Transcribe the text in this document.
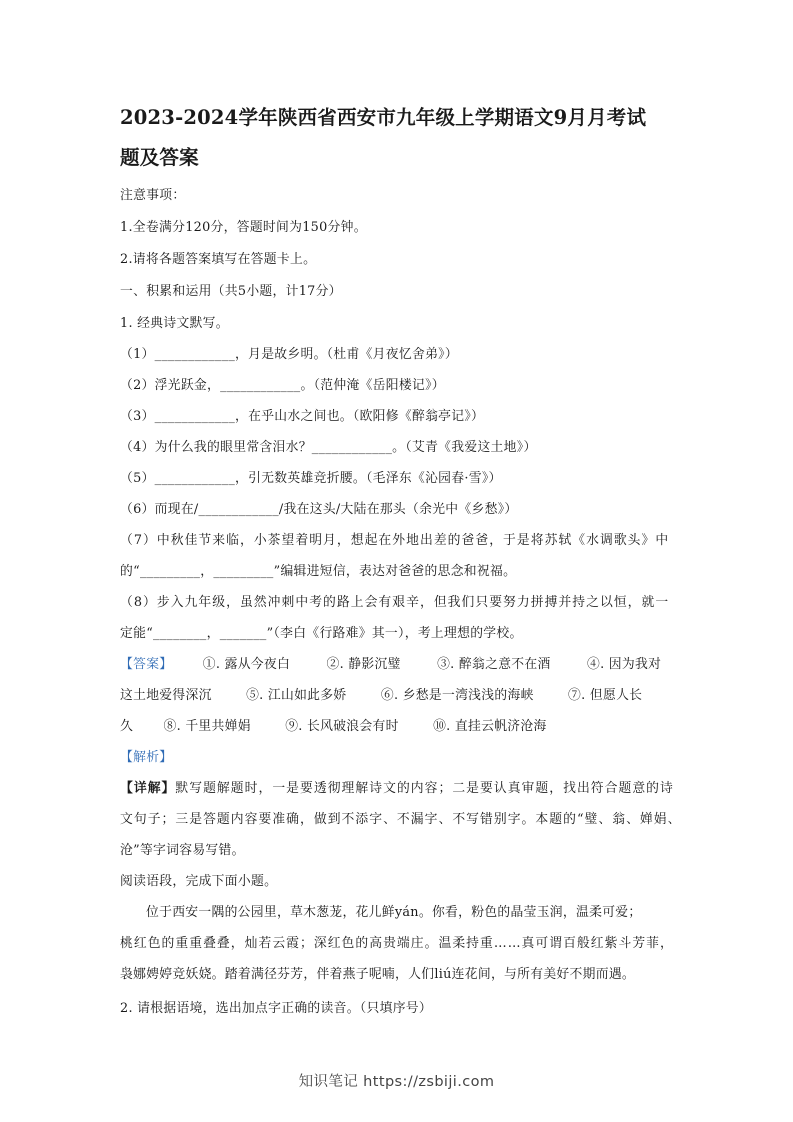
2023-2024学年陕西省西安市九年级上学期语文9月月考试
题及答案
注意事项：
1.全卷满分120分，答题时间为150分钟。
2.请将各题答案填写在答题卡上。
一、积累和运用（共5小题，计17分）
1. 经典诗文默写。
（1）____________，月是故乡明。（杜甫《月夜忆舍弟》）
（2）浮光跃金，____________。（范仲淹《岳阳楼记》）
（3）____________，在乎山水之间也。（欧阳修《醉翁亭记》）
（4）为什么我的眼里常含泪水？____________。（艾青《我爱这土地》）
（5）____________，引无数英雄竞折腰。（毛泽东《沁园春·雪》）
（6）而现在/____________/我在这头/大陆在那头（余光中《乡愁》）
（7）中秋佳节来临，小茶望着明月，想起在外地出差的爸爸，于是将苏轼《水调歌头》中
的“_________，_________”编辑进短信，表达对爸爸的思念和祝福。
（8）步入九年级，虽然冲刺中考的路上会有艰辛，但我们只要努力拼搏并持之以恒，就一
定能“________，_______”（李白《行路难》其一），考上理想的学校。
【答案】 ①. 露从今夜白	②. 静影沉璧	③. 醉翁之意不在酒	④. 因为我对
这土地爱得深沉	⑤. 江山如此多娇	⑥. 乡愁是一湾浅浅的海峡	⑦. 但愿人长
久 ⑧. 千里共婵娟	⑨. 长风破浪会有时	⑩. 直挂云帆济沧海
【解析】
【详解】默写题解题时，一是要透彻理解诗文的内容；二是要认真审题，找出符合题意的诗
文句子；三是答题内容要准确，做到不添字、不漏字、不写错别字。本题的“璧、翁、婵娟、
沧”等字词容易写错。
阅读语段，完成下面小题。
位于西安一隅的公园里，草木葱茏，花儿鲜yán。你看，粉色的晶莹玉润，温柔可爱；
桃红色的重重叠叠，灿若云霞；深红色的高贵端庄。温柔持重……真可谓百般红紫斗芳菲，
袅娜娉婷竞妖娆。踏着满径芬芳，伴着燕子呢喃，人们liú连花间，与所有美好不期而遇。
2. 请根据语境，选出加点字正确的读音。（只填序号）
知识笔记 https://zsbiji.com
